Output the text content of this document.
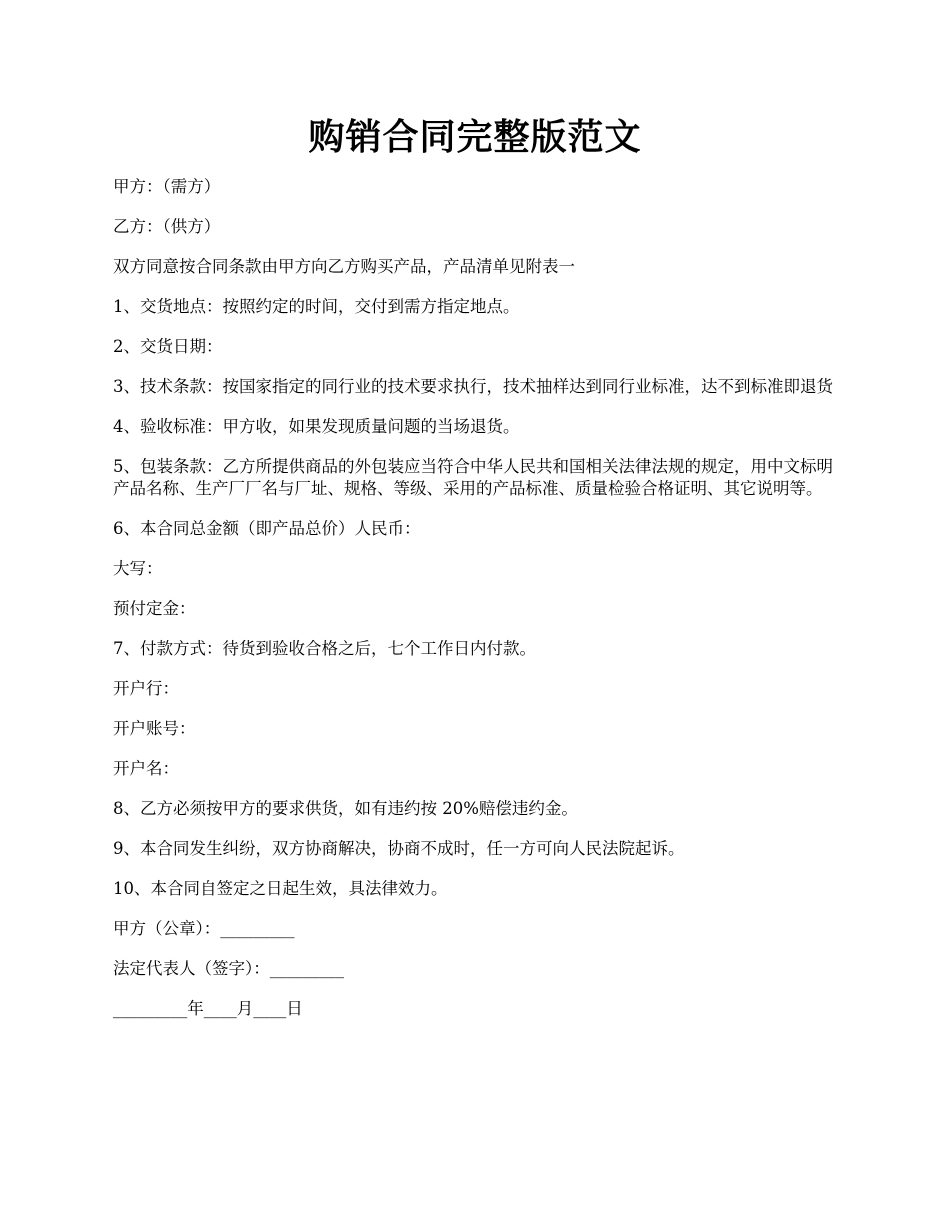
购销合同完整版范文

甲方：（需方）

乙方：（供方）

双方同意按合同条款由甲方向乙方购买产品，产品清单见附表一

1、交货地点：按照约定的时间，交付到需方指定地点。

2、交货日期：

3、技术条款：按国家指定的同行业的技术要求执行，技术抽样达到同行业标准，达不到标准即退货

4、验收标准：甲方收，如果发现质量问题的当场退货。

5、包装条款：乙方所提供商品的外包装应当符合中华人民共和国相关法律法规的规定，用中文标明产品名称、生产厂厂名与厂址、规格、等级、采用的产品标准、质量检验合格证明、其它说明等。

6、本合同总金额（即产品总价）人民币：

大写：

预付定金：

7、付款方式：待货到验收合格之后，七个工作日内付款。

开户行：

开户账号：

开户名：

8、乙方必须按甲方的要求供货，如有违约按 20%赔偿违约金。

9、本合同发生纠纷，双方协商解决，协商不成时，任一方可向人民法院起诉。

10、本合同自签定之日起生效，具法律效力。

甲方（公章）：_________

法定代表人（签字）：_________

_________年____月____日
